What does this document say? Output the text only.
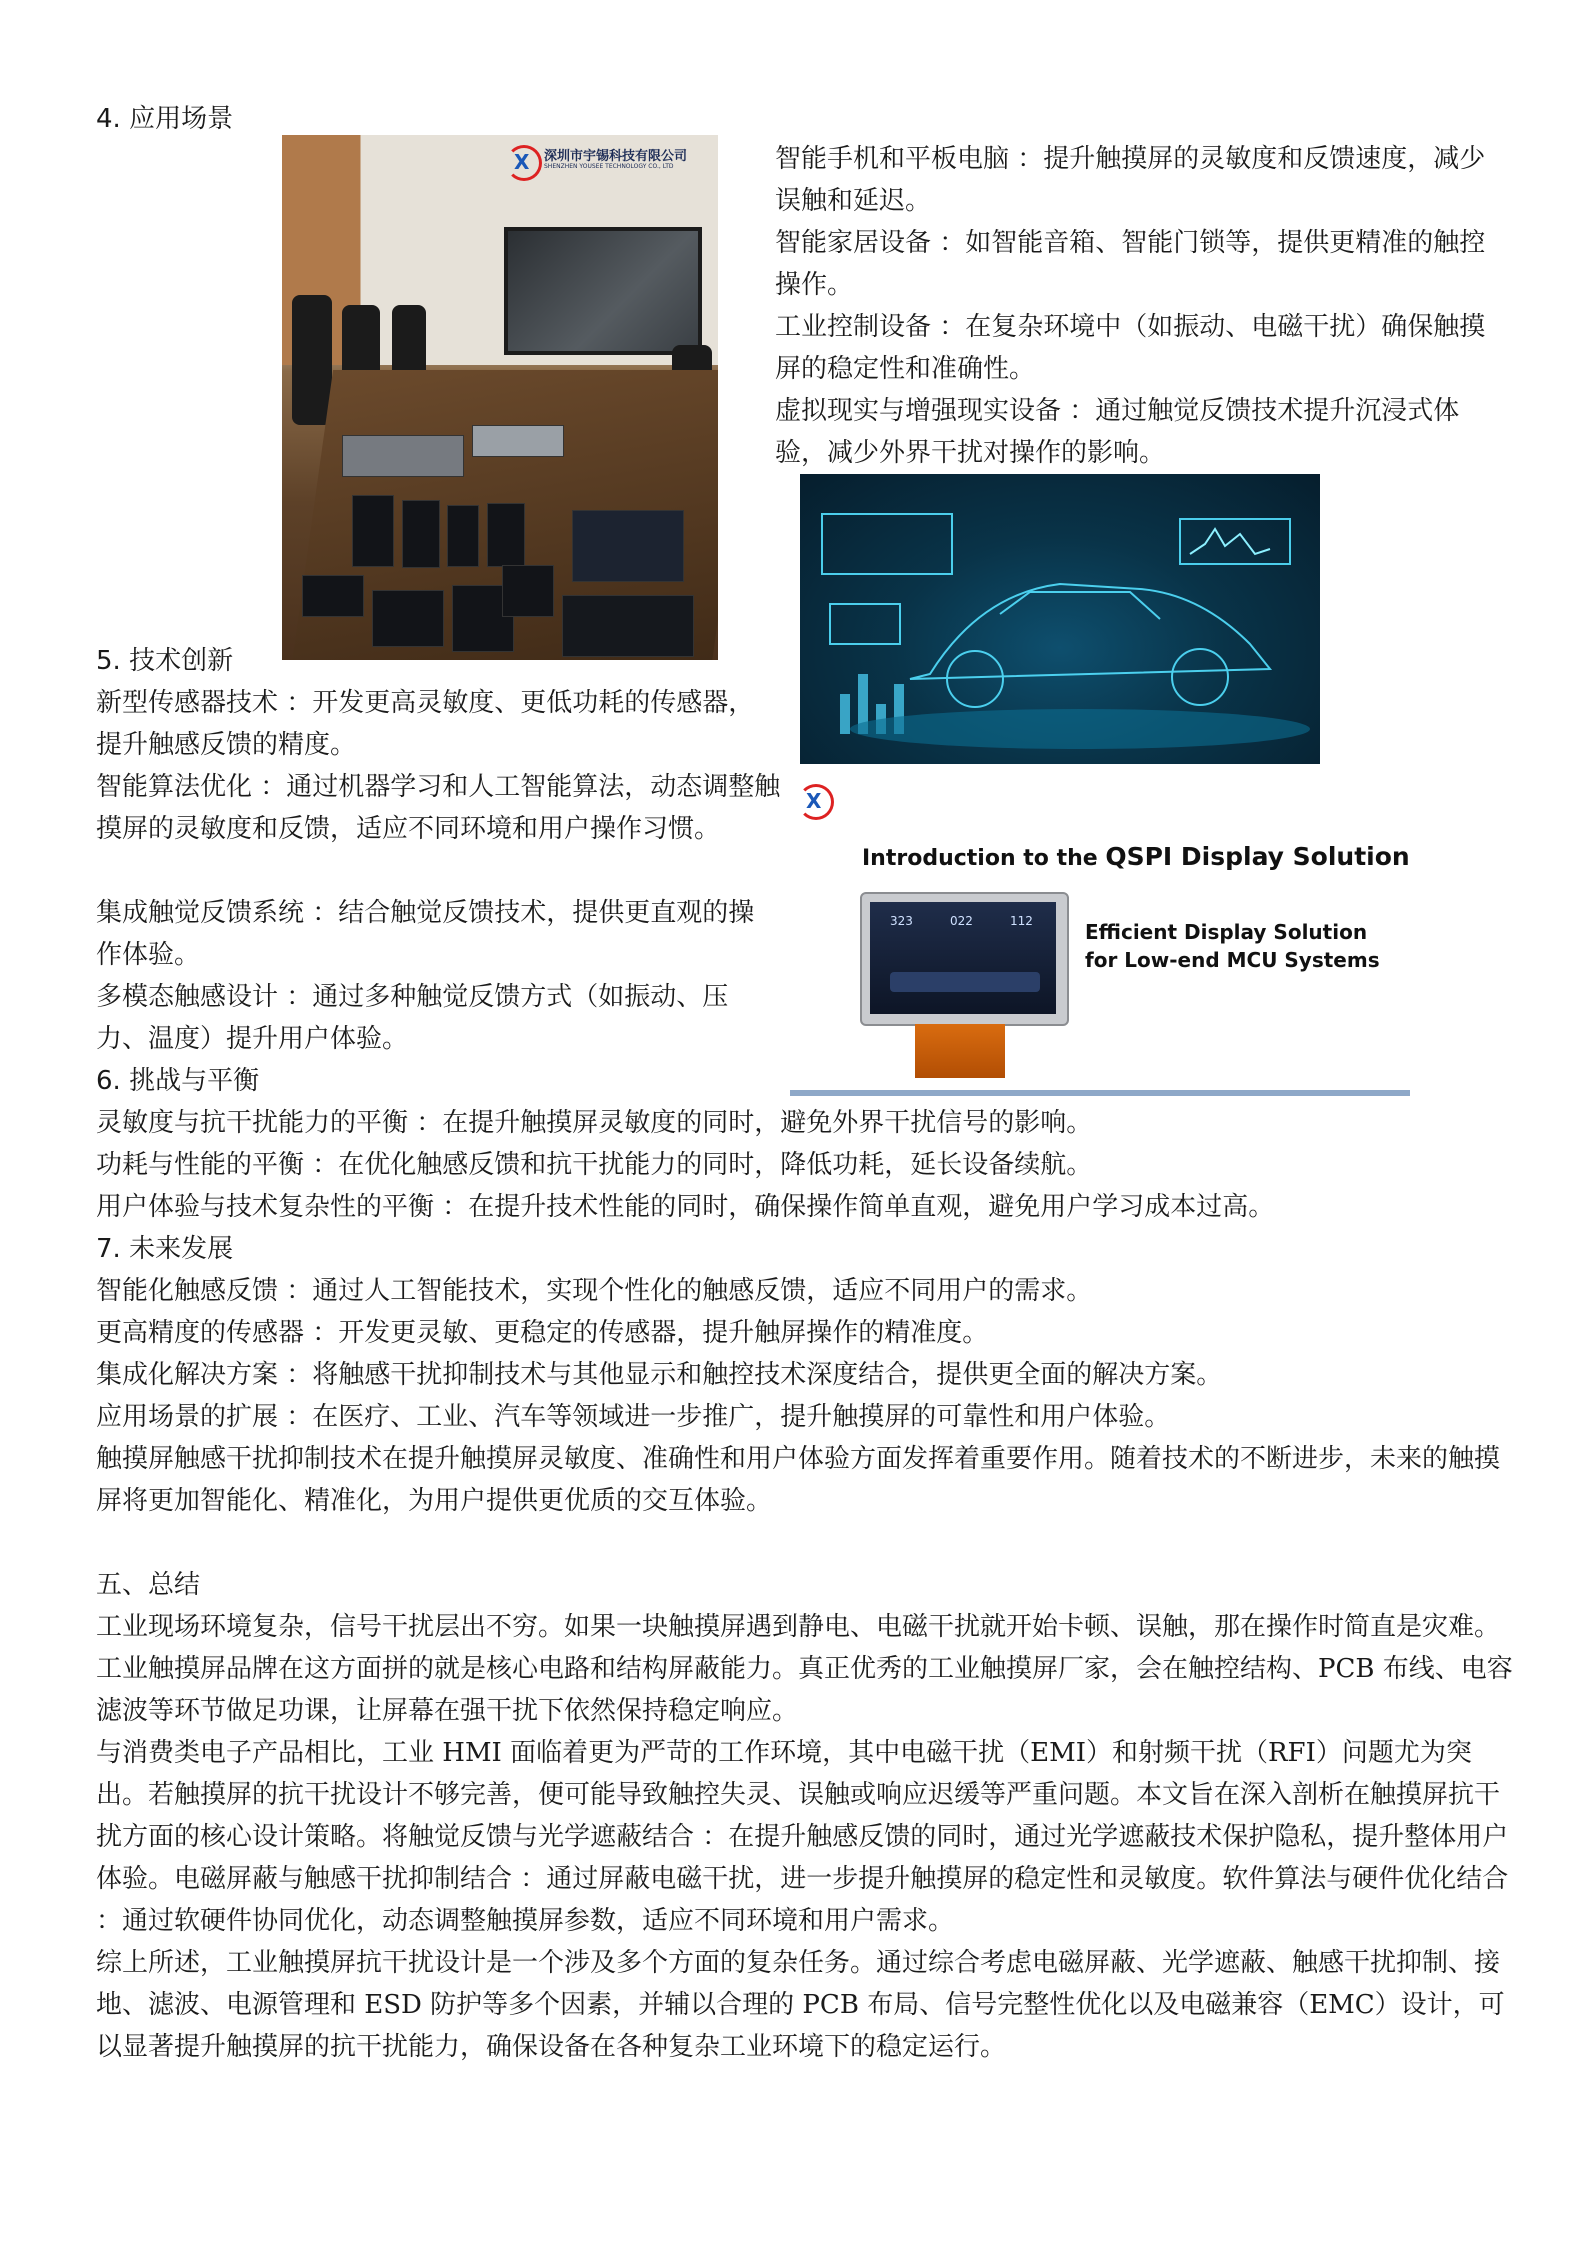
4. 应用场景
X 深圳市宇锡科技有限公司
SHENZHEN YOUSEE TECHNOLOGY CO., LTD	智能手机和平板电脑 ：提升触摸屏的灵敏度和反馈速度，减少误触和延迟。
智能家居设备 ：如智能音箱、智能门锁等，提供更精准的触控操作。
工业控制设备 ：在复杂环境中（如振动、电磁干扰）确保触摸屏的稳定性和准确性。
虚拟现实与增强现实设备 ：通过触觉反馈技术提升沉浸式体验，减少外界干扰对操作的影响。
X
Introduction to the QSPI Display Solution
323	022	112	Efficient Display Solution
for Low-end MCU Systems
5. 技术创新
新型传感器技术 ：开发更高灵敏度、更低功耗的传感器，提升触感反馈的精度。
智能算法优化 ：通过机器学习和人工智能算法，动态调整触摸屏的灵敏度和反馈，适应不同环境和用户操作习惯。
集成触觉反馈系统 ：结合触觉反馈技术，提供更直观的操作体验。
多模态触感设计 ：通过多种触觉反馈方式（如振动、压力、温度）提升用户体验。
6. 挑战与平衡
灵敏度与抗干扰能力的平衡 ：在提升触摸屏灵敏度的同时，避免外界干扰信号的影响。
功耗与性能的平衡 ：在优化触感反馈和抗干扰能力的同时，降低功耗，延长设备续航。
用户体验与技术复杂性的平衡 ：在提升技术性能的同时，确保操作简单直观，避免用户学习成本过高。
7. 未来发展
智能化触感反馈 ：通过人工智能技术，实现个性化的触感反馈，适应不同用户的需求。
更高精度的传感器 ：开发更灵敏、更稳定的传感器，提升触屏操作的精准度。
集成化解决方案 ：将触感干扰抑制技术与其他显示和触控技术深度结合，提供更全面的解决方案。
应用场景的扩展 ：在医疗、工业、汽车等领域进一步推广，提升触摸屏的可靠性和用户体验。
触摸屏触感干扰抑制技术在提升触摸屏灵敏度、准确性和用户体验方面发挥着重要作用。随着技术的不断进步，未来的触摸屏将更加智能化、精准化，为用户提供更优质的交互体验。
五、总结
工业现场环境复杂，信号干扰层出不穷。如果一块触摸屏遇到静电、电磁干扰就开始卡顿、误触，那在操作时简直是灾难。工业触摸屏品牌在这方面拼的就是核心电路和结构屏蔽能力。真正优秀的工业触摸屏厂家，会在触控结构、PCB 布线、电容滤波等环节做足功课，让屏幕在强干扰下依然保持稳定响应。
与消费类电子产品相比，工业 HMI 面临着更为严苛的工作环境，其中电磁干扰（EMI）和射频干扰（RFI）问题尤为突出。若触摸屏的抗干扰设计不够完善，便可能导致触控失灵、误触或响应迟缓等严重问题。本文旨在深入剖析在触摸屏抗干扰方面的核心设计策略。将触觉反馈与光学遮蔽结合 ：在提升触感反馈的同时，通过光学遮蔽技术保护隐私，提升整体用户体验。电磁屏蔽与触感干扰抑制结合 ：通过屏蔽电磁干扰，进一步提升触摸屏的稳定性和灵敏度。软件算法与硬件优化结合 ：通过软硬件协同优化，动态调整触摸屏参数，适应不同环境和用户需求。
综上所述，工业触摸屏抗干扰设计是一个涉及多个方面的复杂任务。通过综合考虑电磁屏蔽、光学遮蔽、触感干扰抑制、接地、滤波、电源管理和 ESD 防护等多个因素，并辅以合理的 PCB 布局、信号完整性优化以及电磁兼容（EMC）设计，可以显著提升触摸屏的抗干扰能力，确保设备在各种复杂工业环境下的稳定运行。
